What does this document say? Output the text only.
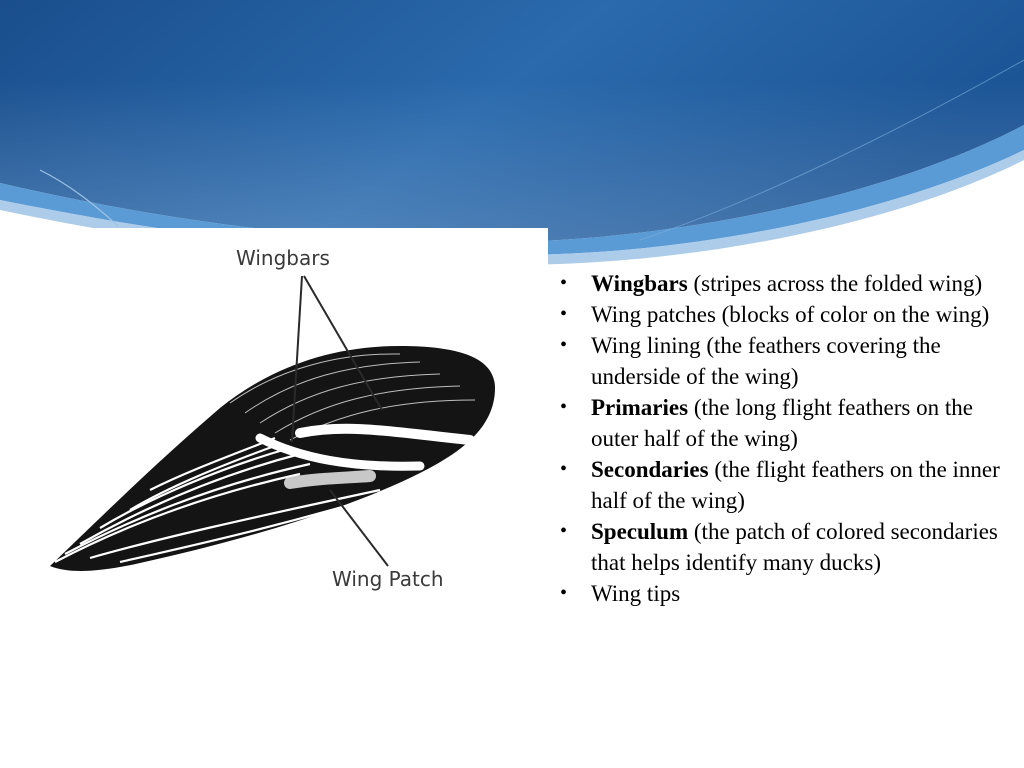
Wingbars
Wing Patch
• Wingbars (stripes across the folded wing)
• Wing patches (blocks of color on the wing)
• Wing lining (the feathers covering the underside of the wing)
• Primaries (the long flight feathers on the outer half of the wing)
• Secondaries (the flight feathers on the inner half of the wing)
• Speculum (the patch of colored secondaries that helps identify many ducks)
• Wing tips
